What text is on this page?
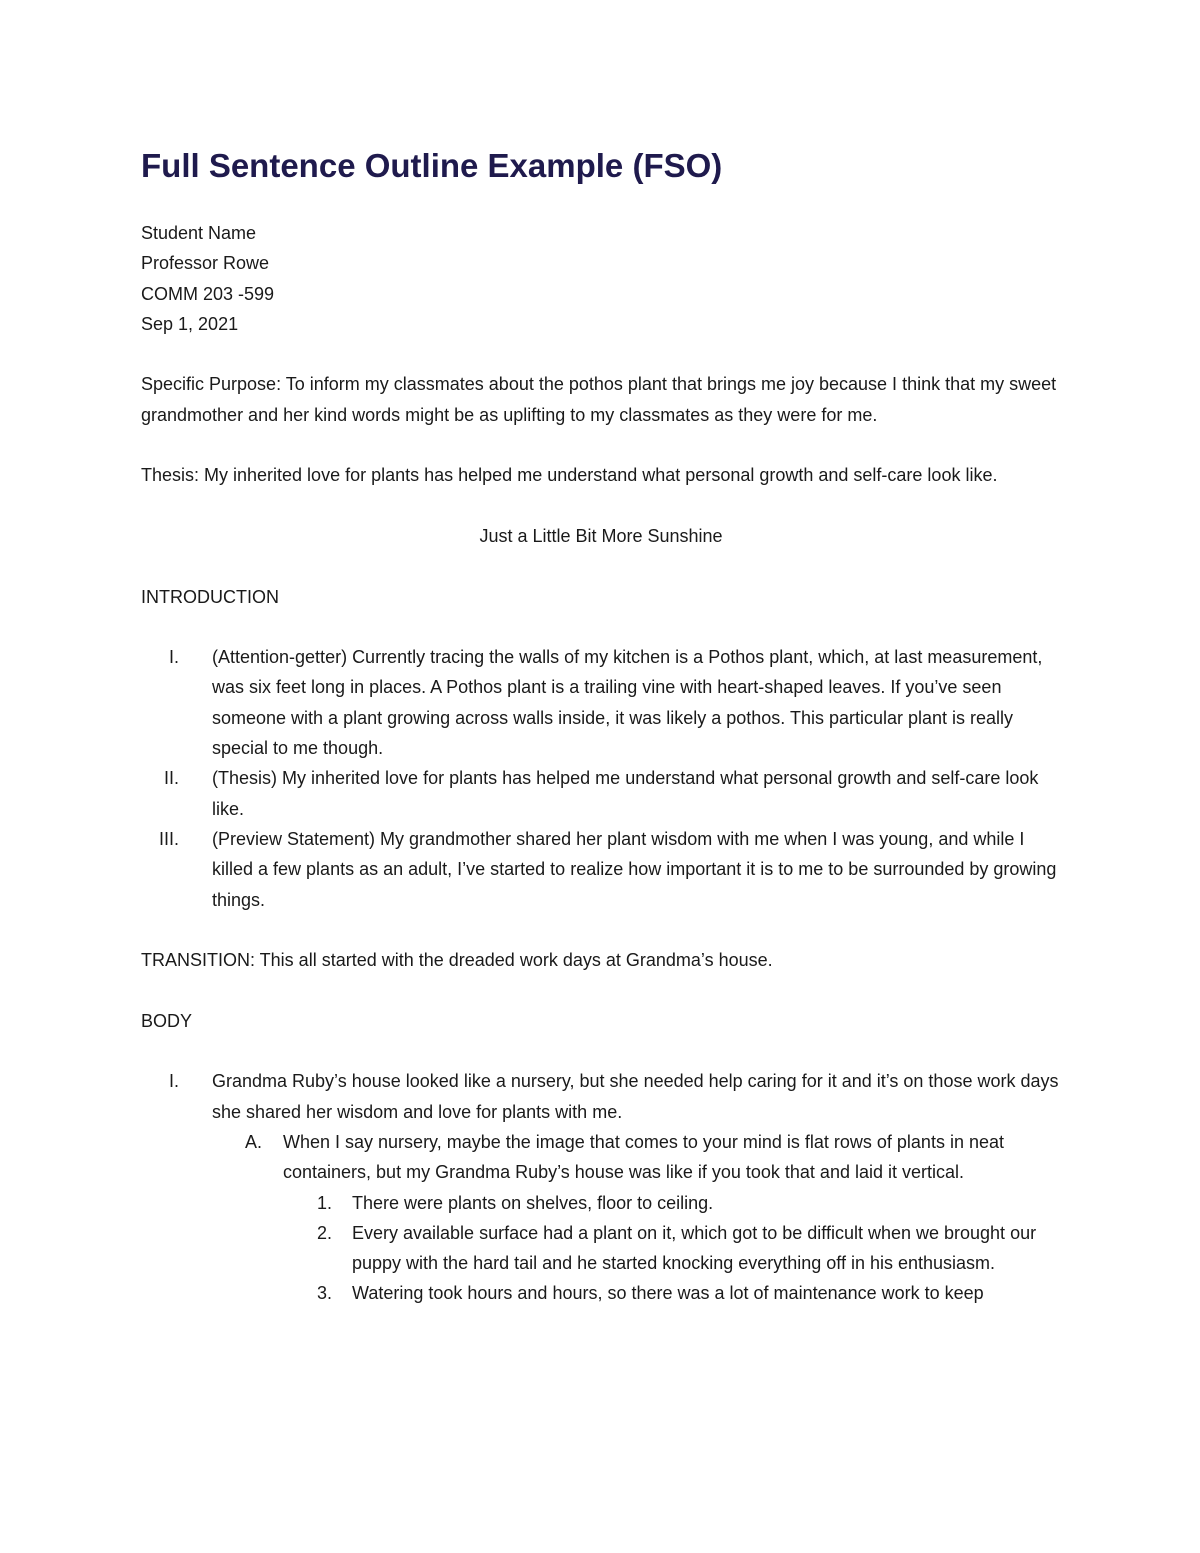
Full Sentence Outline Example (FSO)
Student Name
Professor Rowe
COMM 203 -599
Sep 1, 2021
Specific Purpose: To inform my classmates about the pothos plant that brings me joy because I think that my sweet grandmother and her kind words might be as uplifting to my classmates as they were for me.
Thesis: My inherited love for plants has helped me understand what personal growth and self-care look like.
Just a Little Bit More Sunshine
INTRODUCTION
I. (Attention-getter) Currently tracing the walls of my kitchen is a Pothos plant, which, at last measurement, was six feet long in places. A Pothos plant is a trailing vine with heart-shaped leaves. If you’ve seen someone with a plant growing across walls inside, it was likely a pothos. This particular plant is really special to me though.
II. (Thesis) My inherited love for plants has helped me understand what personal growth and self-care look like.
III. (Preview Statement) My grandmother shared her plant wisdom with me when I was young, and while I killed a few plants as an adult, I’ve started to realize how important it is to me to be surrounded by growing things.
TRANSITION: This all started with the dreaded work days at Grandma’s house.
BODY
I. Grandma Ruby’s house looked like a nursery, but she needed help caring for it and it’s on those work days she shared her wisdom and love for plants with me.
A.	When I say nursery, maybe the image that comes to your mind is flat rows of plants in neat containers, but my Grandma Ruby’s house was like if you took that and laid it vertical.
1.	There were plants on shelves, floor to ceiling.
2.	Every available surface had a plant on it, which got to be difficult when we brought our puppy with the hard tail and he started knocking everything off in his enthusiasm.
3.	Watering took hours and hours, so there was a lot of maintenance work to keep
